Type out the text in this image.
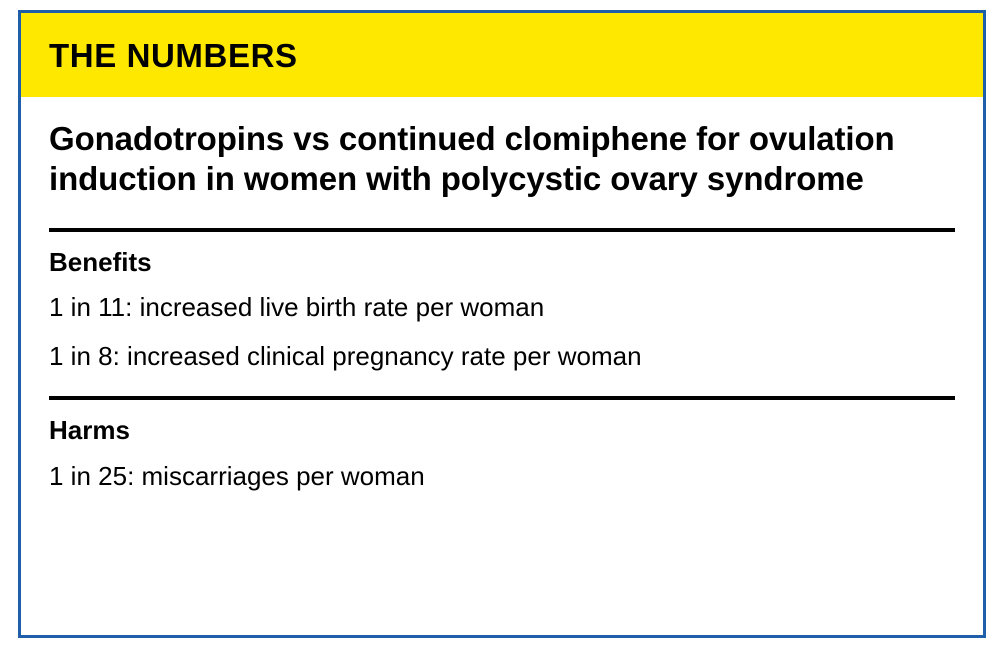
THE NUMBERS
Gonadotropins vs continued clomiphene for ovulation induction in women with polycystic ovary syndrome
Benefits

1 in 11: increased live birth rate per woman

1 in 8: increased clinical pregnancy rate per woman

Harms

1 in 25: miscarriages per woman
